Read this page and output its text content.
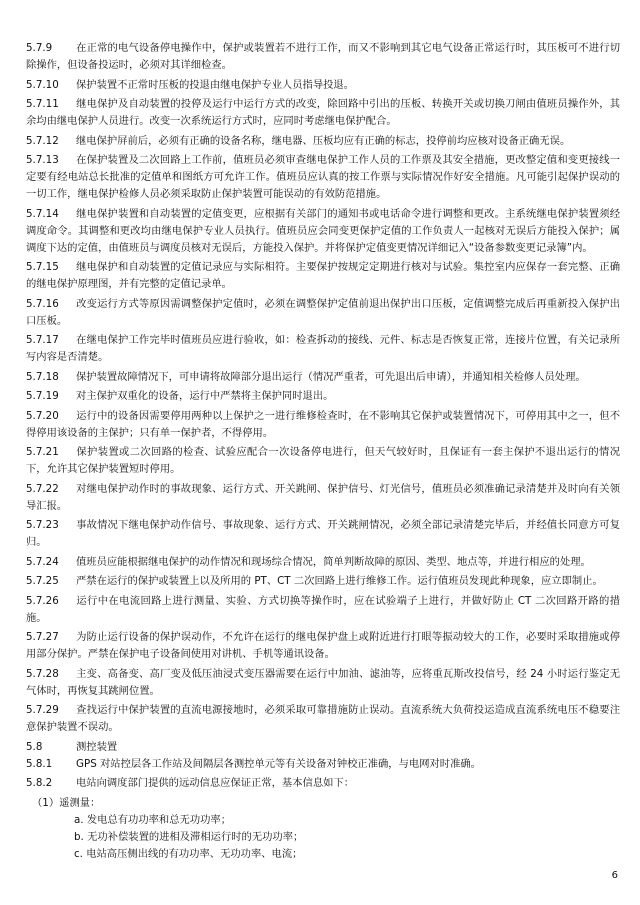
5.7.9 在正常的电气设备停电操作中，保护或装置若不进行工作，而又不影响到其它电气设备正常运行时，其压板可不进行切除操作，但设备投运时，必须对其详细检查。

5.7.10 保护装置不正常时压板的投退由继电保护专业人员指导投退。

5.7.11 继电保护及自动装置的投停及运行中运行方式的改变，除回路中引出的压板、转换开关或切换刀闸由值班员操作外，其余均由继电保护人员进行。改变一次系统运行方式时，应同时考虑继电保护配合。

5.7.12 继电保护屏前后，必须有正确的设备名称，继电器、压板均应有正确的标志，投停前均应核对设备正确无误。

5.7.13 在保护装置及二次回路上工作前，值班员必须审查继电保护工作人员的工作票及其安全措施，更改整定值和变更接线一定要有经电站总长批准的定值单和图纸方可允许工作。值班员应认真的按工作票与实际情况作好安全措施。凡可能引起保护误动的一切工作，继电保护检修人员必须采取防止保护装置可能误动的有效防范措施。

5.7.14 继电保护装置和自动装置的定值变更，应根据有关部门的通知书或电话命令进行调整和更改。主系统继电保护装置须经调度命令。其调整和更改均由继电保护专业人员执行。值班员应会同变更保护定值的工作负责人一起核对无误后方能投入保护；属调度下达的定值，由值班员与调度员核对无误后，方能投入保护。并将保护定值变更情况详细记入“设备参数变更记录簿”内。

5.7.15 继电保护和自动装置的定值记录应与实际相符。主要保护按规定定期进行核对与试验。集控室内应保存一套完整、正确的继电保护原理图，并有完整的定值记录单。

5.7.16 改变运行方式等原因需调整保护定值时，必须在调整保护定值前退出保护出口压板，定值调整完成后再重新投入保护出口压板。

5.7.17 在继电保护工作完毕时值班员应进行验收，如：检查拆动的接线、元件、标志是否恢复正常，连接片位置，有关记录所写内容是否清楚。

5.7.18 保护装置故障情况下，可申请将故障部分退出运行（情况严重者，可先退出后申请），并通知相关检修人员处理。

5.7.19 对主保护双重化的设备，运行中严禁将主保护同时退出。

5.7.20 运行中的设备因需要停用两种以上保护之一进行维修检查时，在不影响其它保护或装置情况下，可停用其中之一，但不得停用该设备的主保护；只有单一保护者，不得停用。

5.7.21 保护装置或二次回路的检查、试验应配合一次设备停电进行，但天气较好时，且保证有一套主保护不退出运行的情况下，允许其它保护装置短时停用。

5.7.22 对继电保护动作时的事故现象、运行方式、开关跳闸、保护信号、灯光信号，值班员必须准确记录清楚并及时向有关领导汇报。

5.7.23 事故情况下继电保护动作信号、事故现象、运行方式、开关跳闸情况，必须全部记录清楚完毕后，并经值长同意方可复归。

5.7.24 值班员应能根据继电保护的动作情况和现场综合情况，简单判断故障的原因、类型、地点等，并进行相应的处理。

5.7.25 严禁在运行的保护或装置上以及所用的 PT、CT 二次回路上进行维修工作。运行值班员发现此种现象，应立即制止。

5.7.26 运行中在电流回路上进行测量、实验、方式切换等操作时，应在试验端子上进行，并做好防止 CT 二次回路开路的措施。

5.7.27 为防止运行设备的保护误动作，不允许在运行的继电保护盘上或附近进行打眼等振动较大的工作，必要时采取措施或停用部分保护。严禁在保护电子设备间使用对讲机、手机等通讯设备。

5.7.28 主变、高备变、高厂变及低压油浸式变压器需要在运行中加油、滤油等，应将重瓦斯改投信号，经 24 小时运行鉴定无气体时，再恢复其跳闸位置。

5.7.29 查找运行中保护装置的直流电源接地时，必须采取可靠措施防止误动。直流系统大负荷投运造成直流系统电压不稳要注意保护装置不误动。

5.8	测控装置

5.8.1 GPS 对站控层各工作站及间隔层各测控单元等有关设备对钟校正准确，与电网对时准确。

5.8.2 电站向调度部门提供的远动信息应保证正常，基本信息如下：

（1）遥测量：

a. 发电总有功功率和总无功功率；

b. 无功补偿装置的进相及滞相运行时的无功功率；

c. 电站高压侧出线的有功功率、无功功率、电流；

6
